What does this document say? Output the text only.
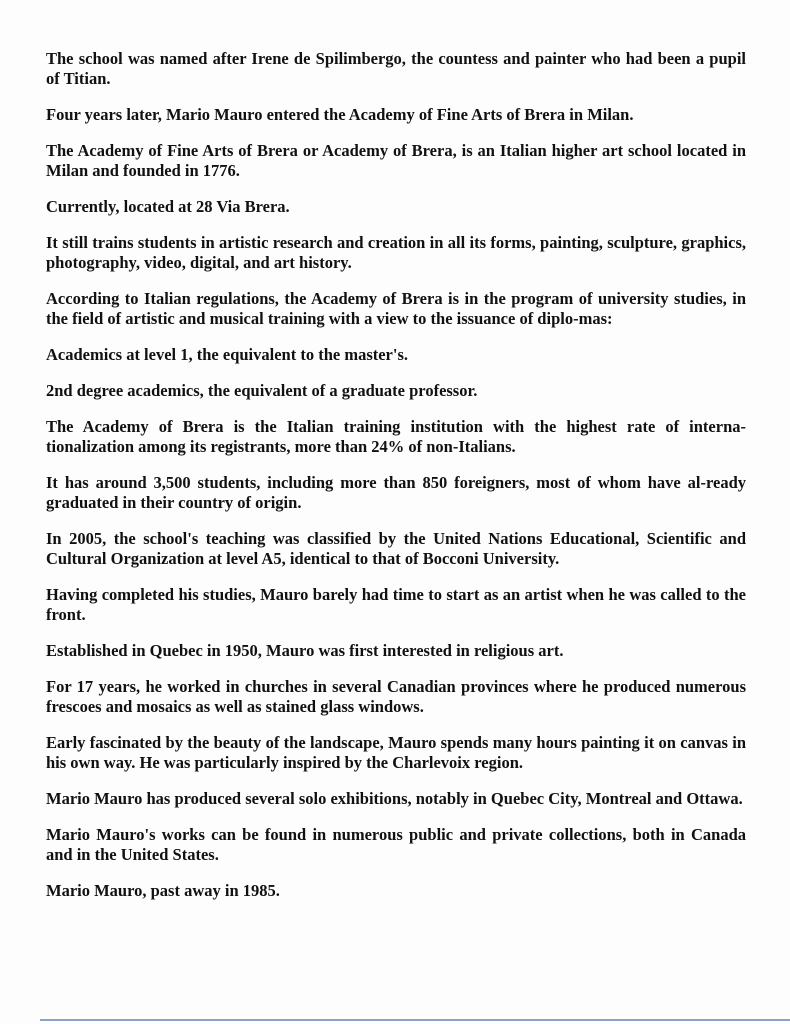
The school was named after Irene de Spilimbergo, the countess and painter who had been a pupil of Titian.

Four years later, Mario Mauro entered the Academy of Fine Arts of Brera in Milan.

The Academy of Fine Arts of Brera or Academy of Brera, is an Italian higher art school located in Milan and founded in 1776.

Currently, located at 28 Via Brera.

It still trains students in artistic research and creation in all its forms, painting, sculpture, graphics, photography, video, digital, and art history.

According to Italian regulations, the Academy of Brera is in the program of university studies, in the field of artistic and musical training with a view to the issuance of diplo-mas:

Academics at level 1, the equivalent to the master's.

2nd degree academics, the equivalent of a graduate professor.

The Academy of Brera is the Italian training institution with the highest rate of interna-tionalization among its registrants, more than 24% of non-Italians.

It has around 3,500 students, including more than 850 foreigners, most of whom have al-ready graduated in their country of origin.

In 2005, the school's teaching was classified by the United Nations Educational, Scientific and Cultural Organization at level A5, identical to that of Bocconi University.

Having completed his studies, Mauro barely had time to start as an artist when he was called to the front.

Established in Quebec in 1950, Mauro was first interested in religious art.

For 17 years, he worked in churches in several Canadian provinces where he produced numerous frescoes and mosaics as well as stained glass windows.

Early fascinated by the beauty of the landscape, Mauro spends many hours painting it on canvas in his own way. He was particularly inspired by the Charlevoix region.

Mario Mauro has produced several solo exhibitions, notably in Quebec City, Montreal and Ottawa.

Mario Mauro's works can be found in numerous public and private collections, both in Canada and in the United States.

Mario Mauro, past away in 1985.
